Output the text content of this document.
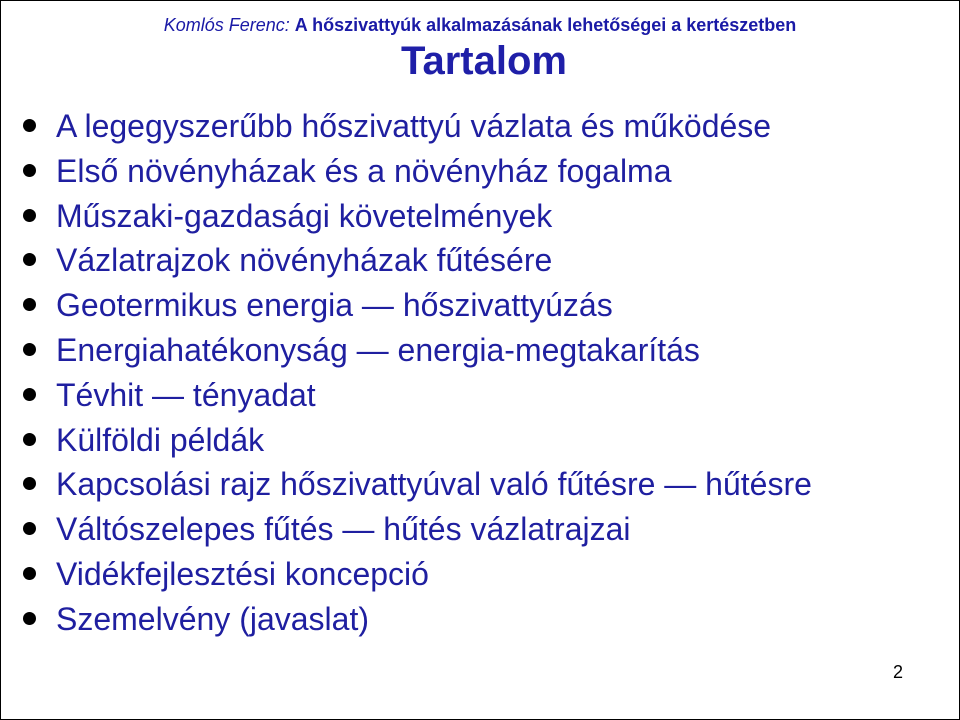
Komlós Ferenc: A hőszivattyúk alkalmazásának lehetőségei a kertészetben
Tartalom
A legegyszerűbb hőszivattyú vázlata és működése
Első növényházak és a növényház fogalma
Műszaki-gazdasági követelmények
Vázlatrajzok növényházak fűtésére
Geotermikus energia — hőszivattyúzás
Energiahatékonyság — energia-megtakarítás
Tévhit — tényadat
Külföldi példák
Kapcsolási rajz hőszivattyúval való fűtésre — hűtésre
Váltószelepes fűtés — hűtés vázlatrajzai
Vidékfejlesztési koncepció
Szemelvény (javaslat)
2
